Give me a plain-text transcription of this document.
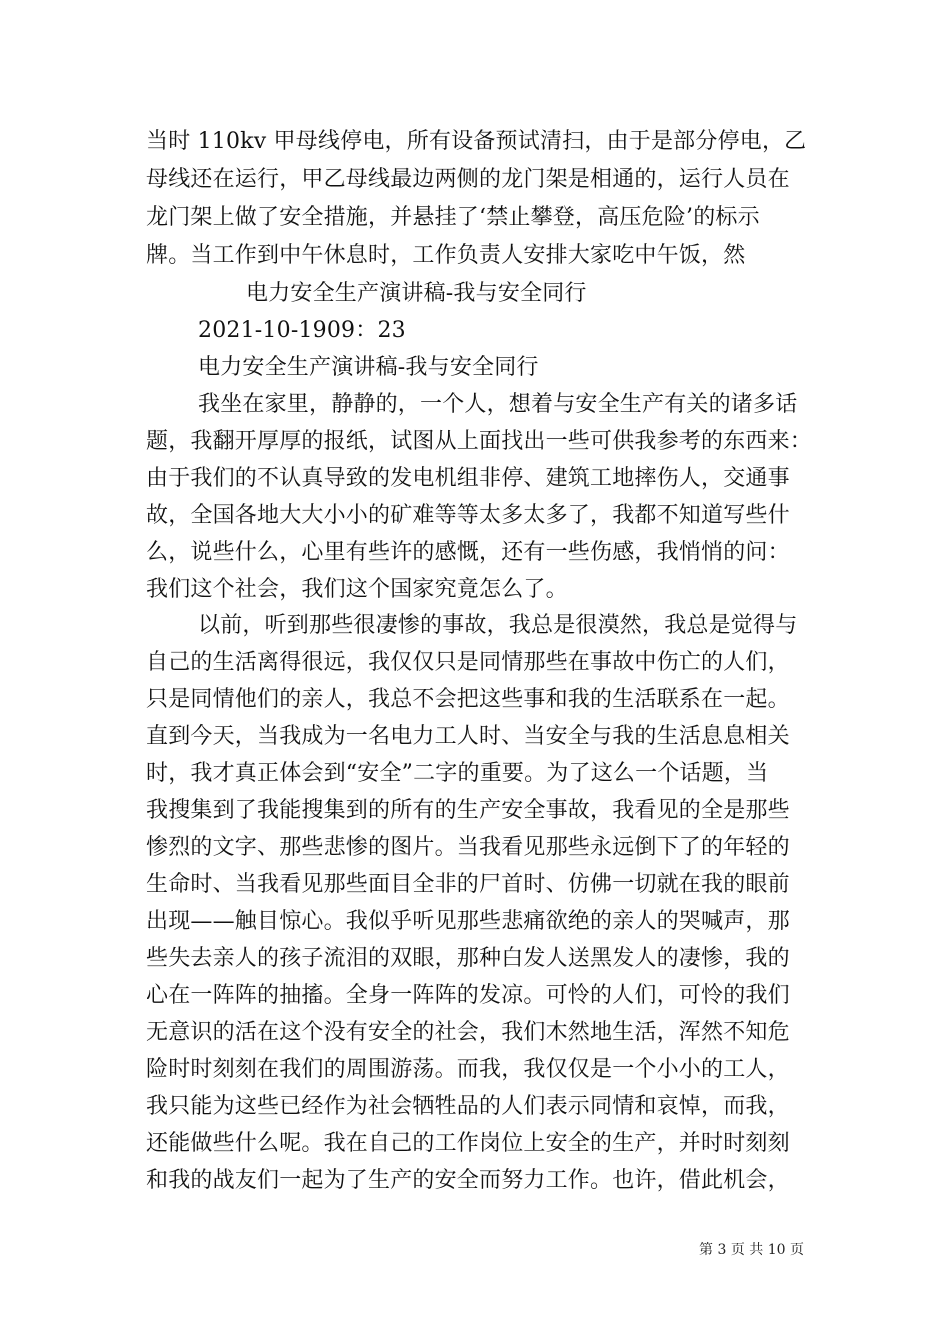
当时 110kv 甲母线停电，所有设备预试清扫，由于是部分停电，乙
母线还在运行，甲乙母线最边两侧的龙门架是相通的，运行人员在
龙门架上做了安全措施，并悬挂了‘禁止攀登，高压危险’的标示
牌。当工作到中午休息时，工作负责人安排大家吃中午饭，然
电力安全生产演讲稿-我与安全同行
2021-10-1909：23
电力安全生产演讲稿-我与安全同行
我坐在家里，静静的，一个人，想着与安全生产有关的诸多话
题，我翻开厚厚的报纸，试图从上面找出一些可供我参考的东西来：
由于我们的不认真导致的发电机组非停、建筑工地摔伤人，交通事
故，全国各地大大小小的矿难等等太多太多了，我都不知道写些什
么，说些什么，心里有些许的感慨，还有一些伤感，我悄悄的问：
我们这个社会，我们这个国家究竟怎么了。
以前，听到那些很凄惨的事故，我总是很漠然，我总是觉得与
自己的生活离得很远，我仅仅只是同情那些在事故中伤亡的人们，
只是同情他们的亲人，我总不会把这些事和我的生活联系在一起。
直到今天，当我成为一名电力工人时、当安全与我的生活息息相关
时，我才真正体会到“安全”二字的重要。为了这么一个话题，当
我搜集到了我能搜集到的所有的生产安全事故，我看见的全是那些
惨烈的文字、那些悲惨的图片。当我看见那些永远倒下了的年轻的
生命时、当我看见那些面目全非的尸首时、仿佛一切就在我的眼前
出现——触目惊心。我似乎听见那些悲痛欲绝的亲人的哭喊声，那
些失去亲人的孩子流泪的双眼，那种白发人送黑发人的凄惨，我的
心在一阵阵的抽搐。全身一阵阵的发凉。可怜的人们，可怜的我们
无意识的活在这个没有安全的社会，我们木然地生活，浑然不知危
险时时刻刻在我们的周围游荡。而我，我仅仅是一个小小的工人，
我只能为这些已经作为社会牺牲品的人们表示同情和哀悼，而我，
还能做些什么呢。我在自己的工作岗位上安全的生产，并时时刻刻
和我的战友们一起为了生产的安全而努力工作。也许，借此机会，
第 3 页 共 10 页
